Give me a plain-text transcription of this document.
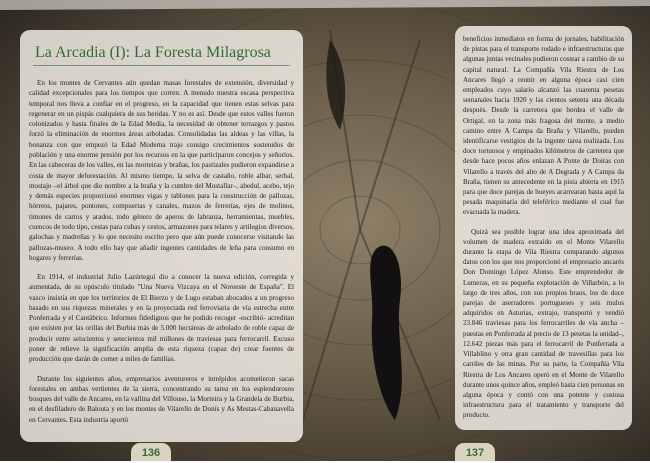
La Arcadia (I): La Foresta Milagrosa

En los montes de Cervantes aún quedan masas forestales de extensión, diversidad y calidad excepcionales para los tiempos que corren. A menudo nuestra escasa perspectiva temporal nos lleva a confiar en el progreso, en la capacidad que tienen estas selvas para regenerar en un pispás cualquiera de sus heridas. Y no es así. Desde que estos valles fueron colonizados y hasta finales de la Edad Media, la necesidad de obtener terrazgos y pastos forzó la eliminación de enormes áreas arboladas. Consolidadas las aldeas y las villas, la bonanza con que empezó la Edad Moderna trajo consigo crecimientos sostenidos de población y una enorme presión por los recursos en la que participaron concejos y señoríos. En las cabeceras de los valles, en las morteiras y brañas, los pastizales pudieron expandirse a costa de mayor deforestación. Al mismo tiempo, la selva de castaño, roble albar, serbal, mostajo –el árbol que dio nombre a la braña y la cumbre del Mostallar–, abedul, acebo, tejo y demás especies proporcionó enormes vigas y tablones para la construcción de pallozas, hórreos, pajares, pontones, compuertas y canales, mazos de ferrerías, ejes de molinos, timones de carros y arados, todo género de aperos de labranza, herramientas, muebles, cuencos de todo tipo, cestas para cubas y cestos, armazones para telares y artilugios diversos, galochas y madreñas y lo que necesito escrito pero que aún puede conocerse visitando las pallozas-museo. A todo ello hay que añadir ingentes cantidades de leña para consumo en hogares y ferrerías.

En 1914, el industrial Julio Lazúrtegui dio a conocer la nueva edición, corregida y aumentada, de su opúsculo titulado "Una Nueva Vizcaya en el Noroeste de España". El vasco insistía en que los territorios de El Bierzo y de Lugo estaban abocados a un progreso basado en sus riquezas minerales y en la proyectada red ferroviaria de vía estrecha entre Ponferrada y el Cantábrico. Informes fidedignos que he podido recoger -escribió- acreditan que existen por las orillas del Burbia más de 5.000 hectáreas de arbolado de roble capaz de producir entre seiscientos y setecientos mil millones de traviesas para ferrocarril. Excuso poner de relieve la significación amplia de esta riqueza (capaz de) crear fuentes de producción que darán de comer a miles de familias.

Durante los siguientes años, empresarios aventureros e intrépidos acometieron sacas forestales en ambas vertientes de la sierra, concentrando su tarea en los esplendorosos bosques del valle de Ancares, en la vallina del Villouso, la Morteira y la Grandela de Burbia, en el desfiladero de Balouta y en los montes de Vilarello de Donís y As Mestas-Cabanavella en Cervantes. Esta industria aportó

beneficios inmediatos en forma de jornales, habilitación de pistas para el transporte rodado e infraestructuras que algunas juntas vecinales pudieron costear a cambio de su capital natural. La Compañía Vila Riestra de Los Ancares llegó a reunir en alguna época casi cien empleados cuyo salario alcanzó las cuarenta pesetas semanales hacia 1920 y las cientos setenta una década después. Desde la carretera que bordea el valle de Ortigal, en la zona más fragosa del monte, a medio camino entre A Campa da Braña y Vilarello, pueden identificarse vestigios de la ingente tarea realizada. Los doce tortuosos y empinados kilómetros de carretera que desde hace pocos años enlazan A Ponte de Doiras con Vilarello a través del alto de A Degrada y A Campa da Braña, tienen su antecedente en la pista abierta en 1915 para que doce parejas de bueyes acarrearan hasta aquí la pesada maquinaria del teleférico mediante el cual fue evacuada la madera.

Quizá sea posible lograr una idea aproximada del volumen de madera extraído en el Monte Vilarello durante la etapa de Vila Riestra comparando algunos datos con los que nos proporcionó el empresario ancarés Don Domingo López Alonso. Este emprendedor de Lumeras, en su pequeña explotación de Villarbón, a lo largo de tres años, con sus propios braos, los de doce parejas de aserradores portugueses y seis mulos adquiridos en Asturias, extrajo, transportó y vendió 23.846 traviesas para los ferrocarriles de vía ancha –puestas en Ponferrada al precio de 13 pesetas la unidad–, 12.642 piezas más para el ferrocarril de Ponferrada a Villablino y otra gran cantidad de travesillas para los carriles de las minas. Por su parte, la Compañía Vila Riestra de Los Ancares operó en el Monte de Vilarello durante unos quince años, empleó hasta cien personas en alguna época y contó con una potente y costosa infraestructura para el tratamiento y transporte del producto.

136	137
